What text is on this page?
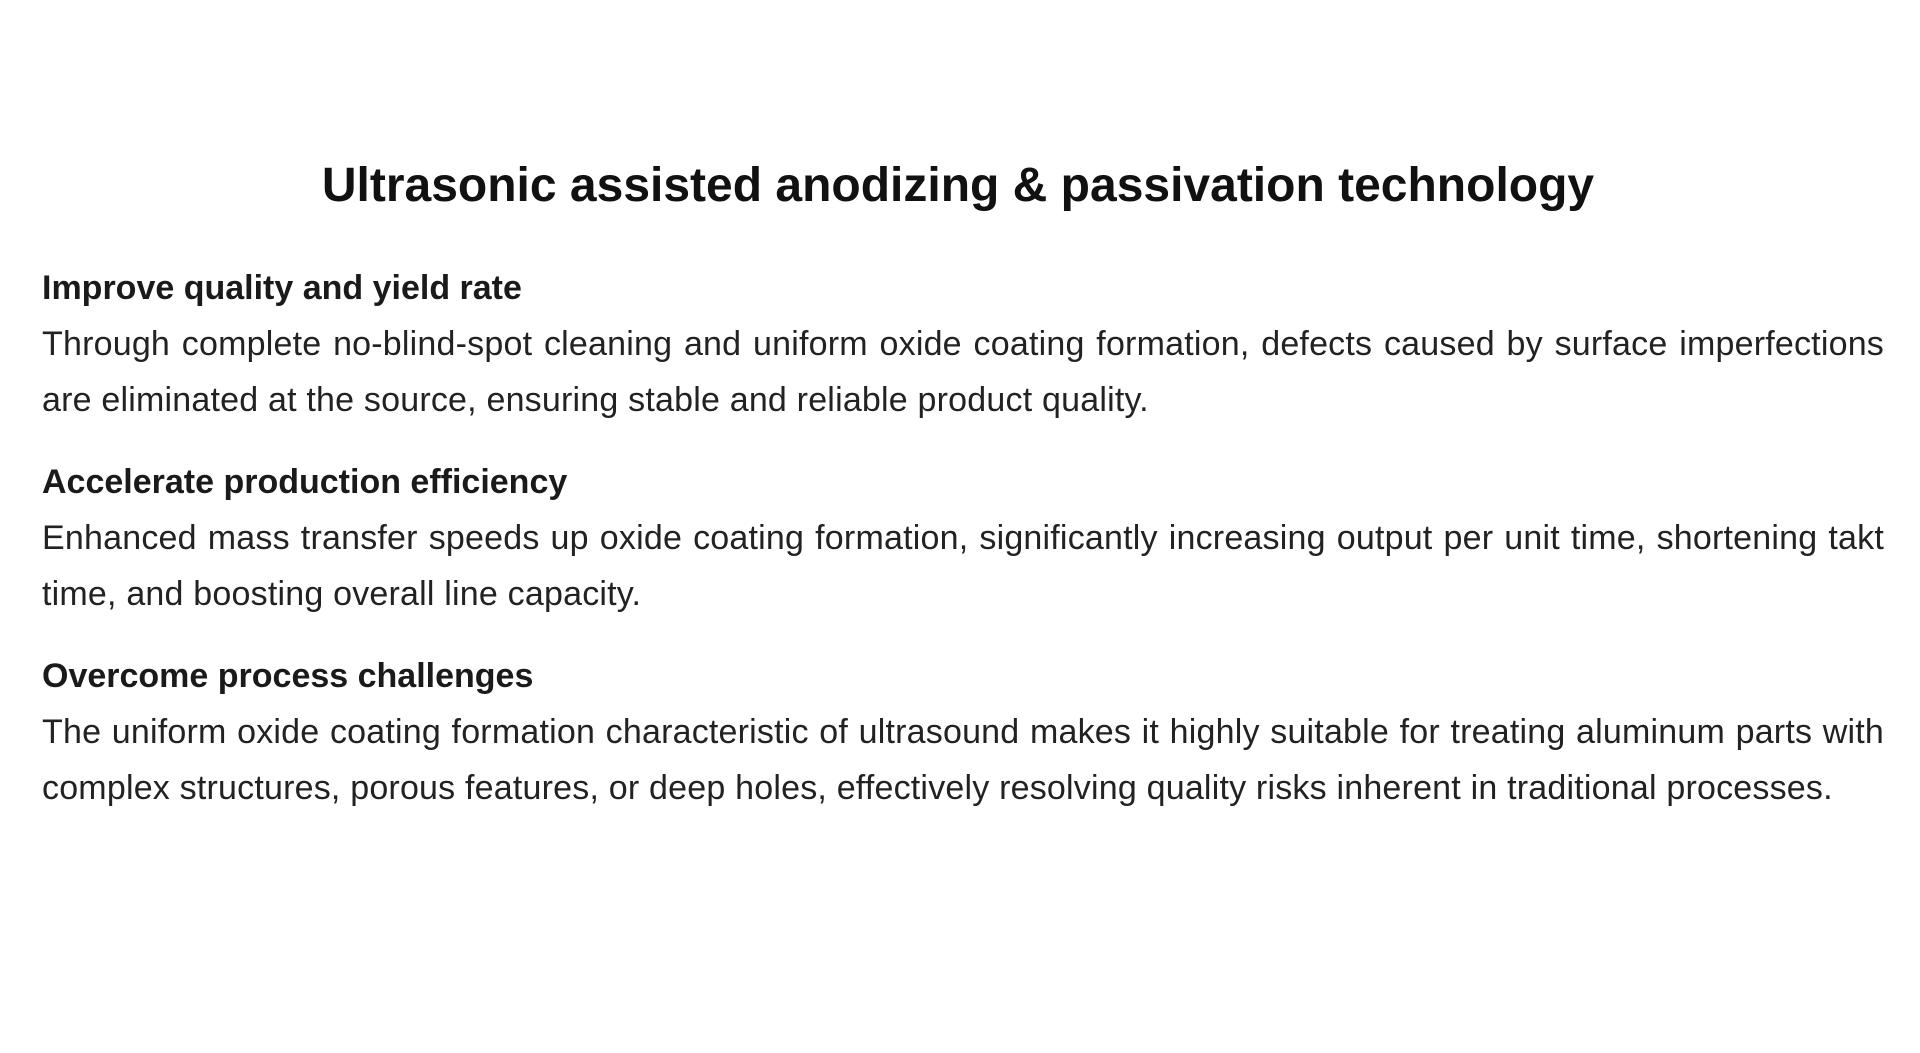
Ultrasonic assisted anodizing & passivation technology
Improve quality and yield rate

Through complete no-blind-spot cleaning and uniform oxide coating formation, defects caused by surface imperfections are eliminated at the source, ensuring stable and reliable product quality.

Accelerate production efficiency

Enhanced mass transfer speeds up oxide coating formation, significantly increasing output per unit time, shortening takt time, and boosting overall line capacity.

Overcome process challenges

The uniform oxide coating formation characteristic of ultrasound makes it highly suitable for treating aluminum parts with complex structures, porous features, or deep holes, effectively resolving quality risks inherent in traditional processes.
